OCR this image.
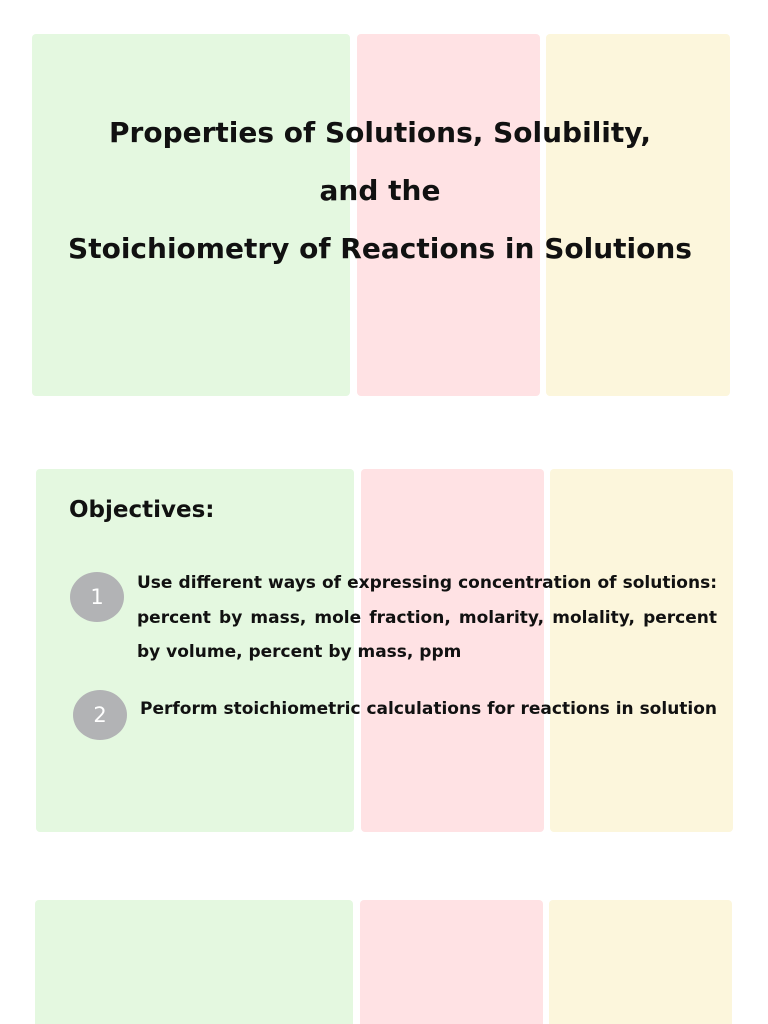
Properties of Solutions, Solubility,
and the
Stoichiometry of Reactions in Solutions
Objectives:
1
Use different ways of expressing concentration of solutions: percent by mass, mole fraction, molarity, molality, percent by volume, percent by mass, ppm
2	Perform stoichiometric calculations for reactions in solution
